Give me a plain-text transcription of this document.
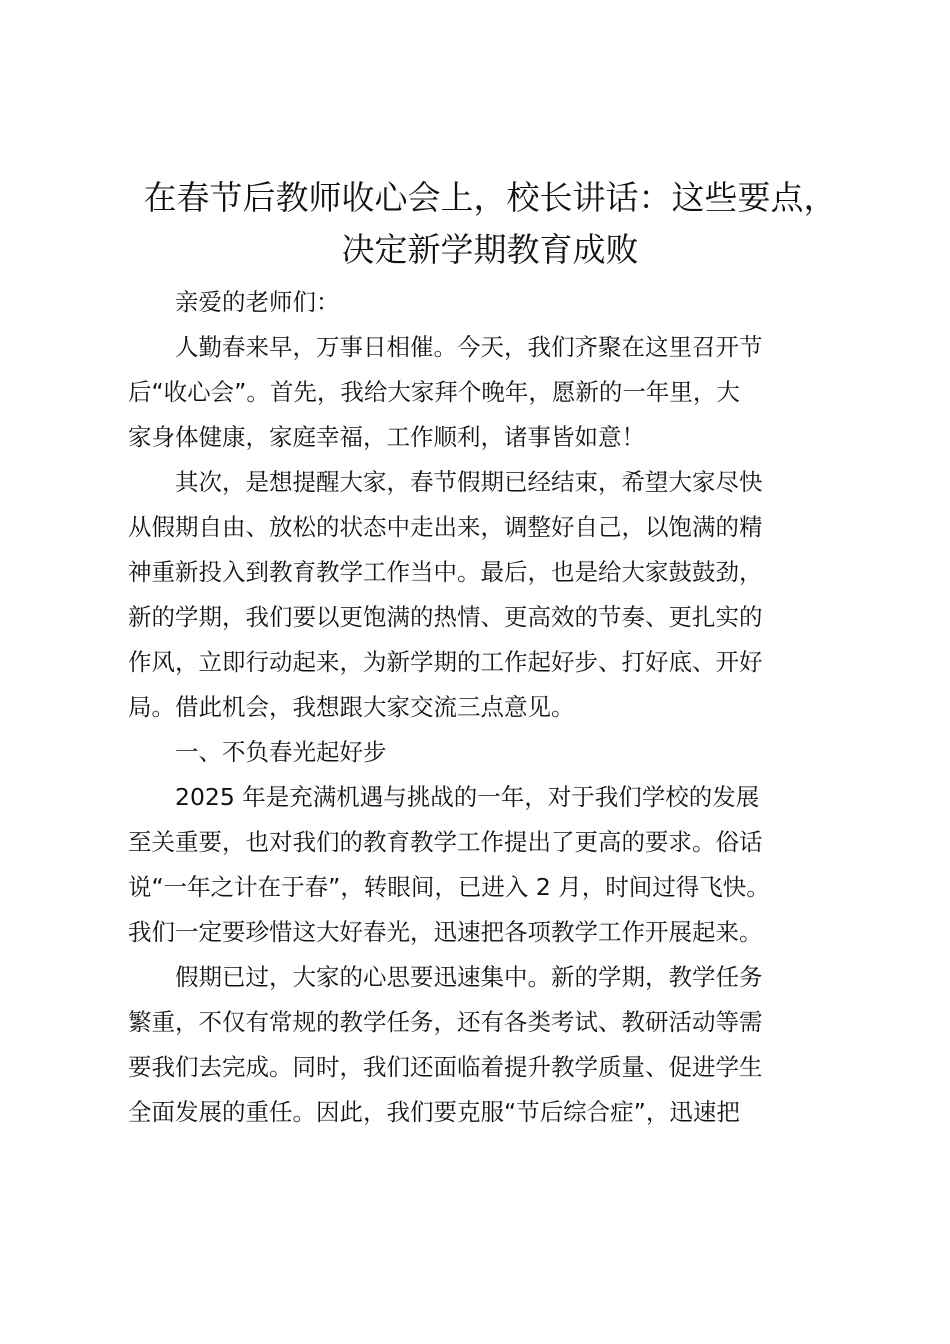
在春节后教师收心会上，校长讲话：这些要点，
决定新学期教育成败

亲爱的老师们：

人勤春来早，万事日相催。今天，我们齐聚在这里召开节
后“收心会”。首先，我给大家拜个晚年，愿新的一年里，大
家身体健康，家庭幸福，工作顺利，诸事皆如意！

其次，是想提醒大家，春节假期已经结束，希望大家尽快
从假期自由、放松的状态中走出来，调整好自己，以饱满的精
神重新投入到教育教学工作当中。最后，也是给大家鼓鼓劲，
新的学期，我们要以更饱满的热情、更高效的节奏、更扎实的
作风，立即行动起来，为新学期的工作起好步、打好底、开好
局。借此机会，我想跟大家交流三点意见。

一、不负春光起好步

2025 年是充满机遇与挑战的一年，对于我们学校的发展
至关重要，也对我们的教育教学工作提出了更高的要求。俗话
说“一年之计在于春”，转眼间，已进入 2 月，时间过得飞快。
我们一定要珍惜这大好春光，迅速把各项教学工作开展起来。

假期已过，大家的心思要迅速集中。新的学期，教学任务
繁重，不仅有常规的教学任务，还有各类考试、教研活动等需
要我们去完成。同时，我们还面临着提升教学质量、促进学生
全面发展的重任。因此，我们要克服“节后综合症”，迅速把
